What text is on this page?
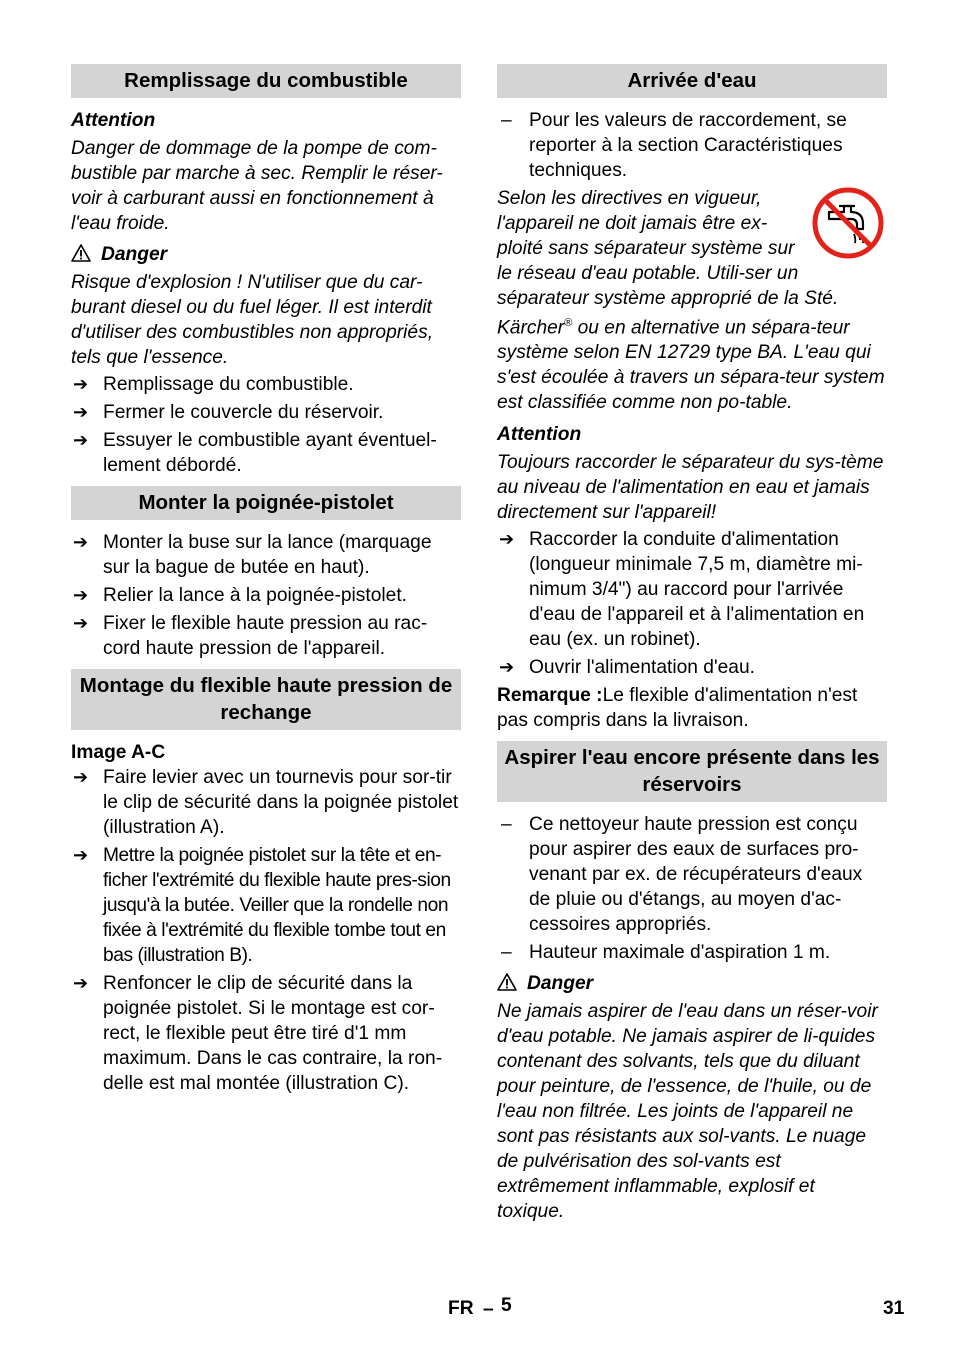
Remplissage du combustible
Attention
Danger de dommage de la pompe de com-bustible par marche à sec. Remplir le réser-voir à carburant aussi en fonctionnement à l'eau froide.
Danger
Risque d'explosion ! N'utiliser que du car-burant diesel ou du fuel léger. Il est interdit d'utiliser des combustibles non appropriés, tels que l'essence.
➔ Remplissage du combustible.
➔ Fermer le couvercle du réservoir.
➔ Essuyer le combustible ayant éventuel-lement débordé.
Monter la poignée-pistolet
➔ Monter la buse sur la lance (marquage sur la bague de butée en haut).
➔ Relier la lance à la poignée-pistolet.
➔ Fixer le flexible haute pression au rac-cord haute pression de l'appareil.
Montage du flexible haute pression de rechange
Image A-C
➔ Faire levier avec un tournevis pour sor-tir le clip de sécurité dans la poignée pistolet (illustration A).
➔ Mettre la poignée pistolet sur la tête et en-ficher l'extrémité du flexible haute pres-sion jusqu'à la butée. Veiller que la rondelle non fixée à l'extrémité du flexible tombe tout en bas (illustration B).
➔ Renfoncer le clip de sécurité dans la poignée pistolet. Si le montage est cor-rect, le flexible peut être tiré d'1 mm maximum. Dans le cas contraire, la ron-delle est mal montée (illustration C).
Arrivée d'eau
– Pour les valeurs de raccordement, se reporter à la section Caractéristiques techniques.
Selon les directives en vigueur, l'appareil ne doit jamais être ex-ploité sans séparateur système sur le réseau d'eau potable. Utili-ser un séparateur système approprié de la Sté. Kärcher® ou en alternative un sépara-teur système selon EN 12729 type BA. L'eau qui s'est écoulée à travers un sépara-teur system est classifiée comme non po-table.
Attention
Toujours raccorder le séparateur du sys-tème au niveau de l'alimentation en eau et jamais directement sur l'appareil!
➔ Raccorder la conduite d'alimentation (longueur minimale 7,5 m, diamètre mi-nimum 3/4") au raccord pour l'arrivée d'eau de l'appareil et à l'alimentation en eau (ex. un robinet).
➔ Ouvrir l'alimentation d'eau.
Remarque :Le flexible d'alimentation n'est pas compris dans la livraison.
Aspirer l'eau encore présente dans les réservoirs
– Ce nettoyeur haute pression est conçu pour aspirer des eaux de surfaces pro-venant par ex. de récupérateurs d'eaux de pluie ou d'étangs, au moyen d'ac-cessoires appropriés.
– Hauteur maximale d'aspiration 1 m.
Danger
Ne jamais aspirer de l'eau dans un réser-voir d'eau potable. Ne jamais aspirer de li-quides contenant des solvants, tels que du diluant pour peinture, de l'essence, de l'huile, ou de l'eau non filtrée. Les joints de l'appareil ne sont pas résistants aux sol-vants. Le nuage de pulvérisation des sol-vants est extrêmement inflammable, explosif et toxique.
FR – 5	31
